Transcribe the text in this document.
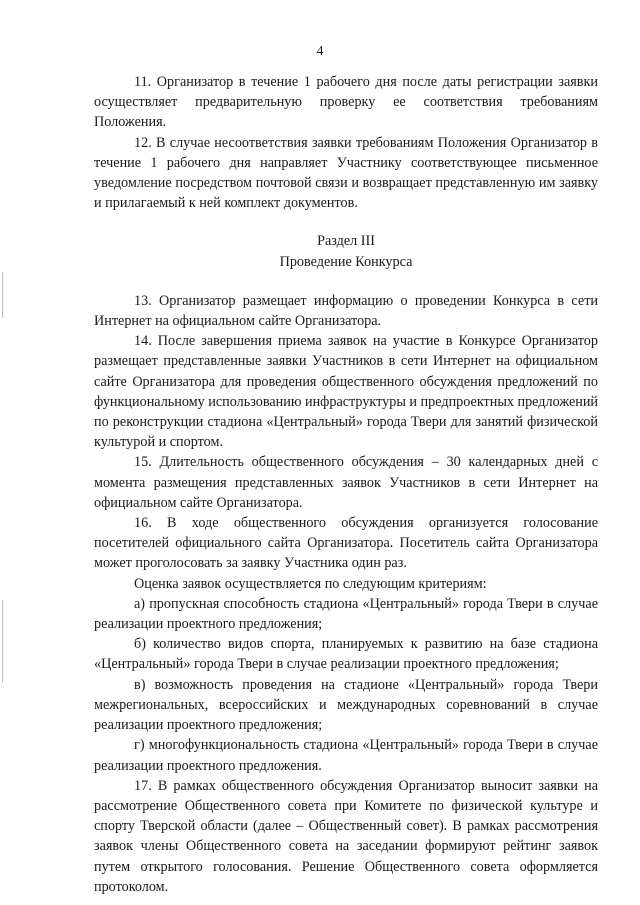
4

11. Организатор в течение 1 рабочего дня после даты регистрации заявки осуществляет предварительную проверку ее соответствия требованиям Положения.

12. В случае несоответствия заявки требованиям Положения Организатор в течение 1 рабочего дня направляет Участнику соответствующее письменное уведомление посредством почтовой связи и возвращает представленную им заявку и прилагаемый к ней комплект документов.

Раздел III

Проведение Конкурса

13. Организатор размещает информацию о проведении Конкурса в сети Интернет на официальном сайте Организатора.

14. После завершения приема заявок на участие в Конкурсе Организатор размещает представленные заявки Участников в сети Интернет на официальном сайте Организатора для проведения общественного обсуждения предложений по функциональному использованию инфраструктуры и предпроектных предложений по реконструкции стадиона «Центральный» города Твери для занятий физической культурой и спортом.

15. Длительность общественного обсуждения – 30 календарных дней с момента размещения представленных заявок Участников в сети Интернет на официальном сайте Организатора.

16. В ходе общественного обсуждения организуется голосование посетителей официального сайта Организатора. Посетитель сайта Организатора может проголосовать за заявку Участника один раз.

Оценка заявок осуществляется по следующим критериям:

а) пропускная способность стадиона «Центральный» города Твери в случае реализации проектного предложения;

б) количество видов спорта, планируемых к развитию на базе стадиона «Центральный» города Твери в случае реализации проектного предложения;

в) возможность проведения на стадионе «Центральный» города Твери межрегиональных, всероссийских и международных соревнований в случае реализации проектного предложения;

г) многофункциональность стадиона «Центральный» города Твери в случае реализации проектного предложения.

17. В рамках общественного обсуждения Организатор выносит заявки на рассмотрение Общественного совета при Комитете по физической культуре и спорту Тверской области (далее – Общественный совет). В рамках рассмотрения заявок члены Общественного совета на заседании формируют рейтинг заявок путем открытого голосования. Решение Общественного совета оформляется протоколом.
